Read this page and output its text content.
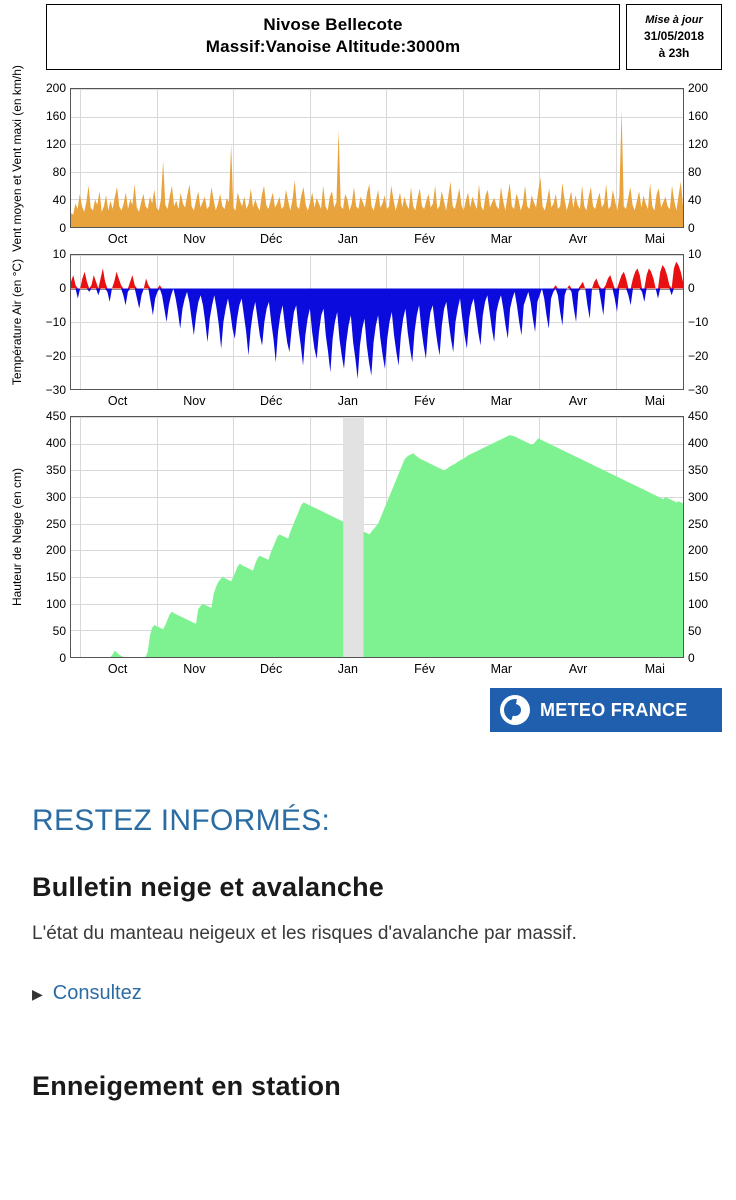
Nivose Bellecote
Massif:Vanoise Altitude:3000m
Mise à jour
31/05/2018
à 23h
Vent moyen et Vent maxi (en km/h)	0
40
80
120
160
200
0
40
80
120
160
200
Oct	Nov	Déc	Jan	Fév	Mar	Avr	Mai
Température Air (en °C)
−30
−20
−10
0
10
−30
−20
−10
0
10
Oct	Nov	Déc	Jan	Fév	Mar	Avr	Mai
Hauteur de Neige (en cm)
0
50
100
150
200
250
300
350
400
450
0
50
100
150
200
250
300
350
400
450
Oct	Nov	Déc	Jan	Fév	Mar	Avr	Mai
METEO FRANCE
RESTEZ INFORMÉS:
Bulletin neige et avalanche
L'état du manteau neigeux et les risques d'avalanche par massif.
▶ Consultez
Enneigement en station
